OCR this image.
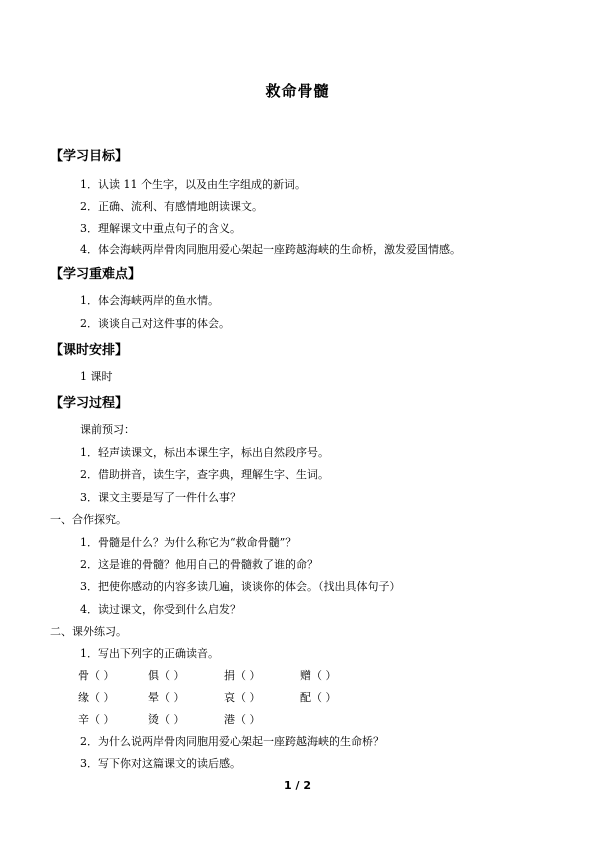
救命骨髓
【学习目标】
1．认读 11 个生字，以及由生字组成的新词。
2．正确、流利、有感情地朗读课文。
3．理解课文中重点句子的含义。
4．体会海峡两岸骨肉同胞用爱心架起一座跨越海峡的生命桥，激发爱国情感。
【学习重难点】
1．体会海峡两岸的鱼水情。
2．谈谈自己对这件事的体会。
【课时安排】
1 课时
【学习过程】
课前预习：
1．轻声读课文，标出本课生字，标出自然段序号。
2．借助拼音，读生字，查字典，理解生字、生词。
3．课文主要是写了一件什么事？
一、合作探究。
1．骨髓是什么？为什么称它为“救命骨髓”？
2．这是谁的骨髓？他用自己的骨髓救了谁的命？
3．把使你感动的内容多读几遍，谈谈你的体会。（找出具体句子）
4．读过课文，你受到什么启发？
二、课外练习。
1．写出下列字的正确读音。
骨（ ）	俱（ ）	捐（ ）	赠（ ）
缘（ ）	晕（ ）	哀（ ）	配（ ）
辛（ ）	烫（ ）	港（ ）
2．为什么说两岸骨肉同胞用爱心架起一座跨越海峡的生命桥？
3．写下你对这篇课文的读后感。
1 / 2
